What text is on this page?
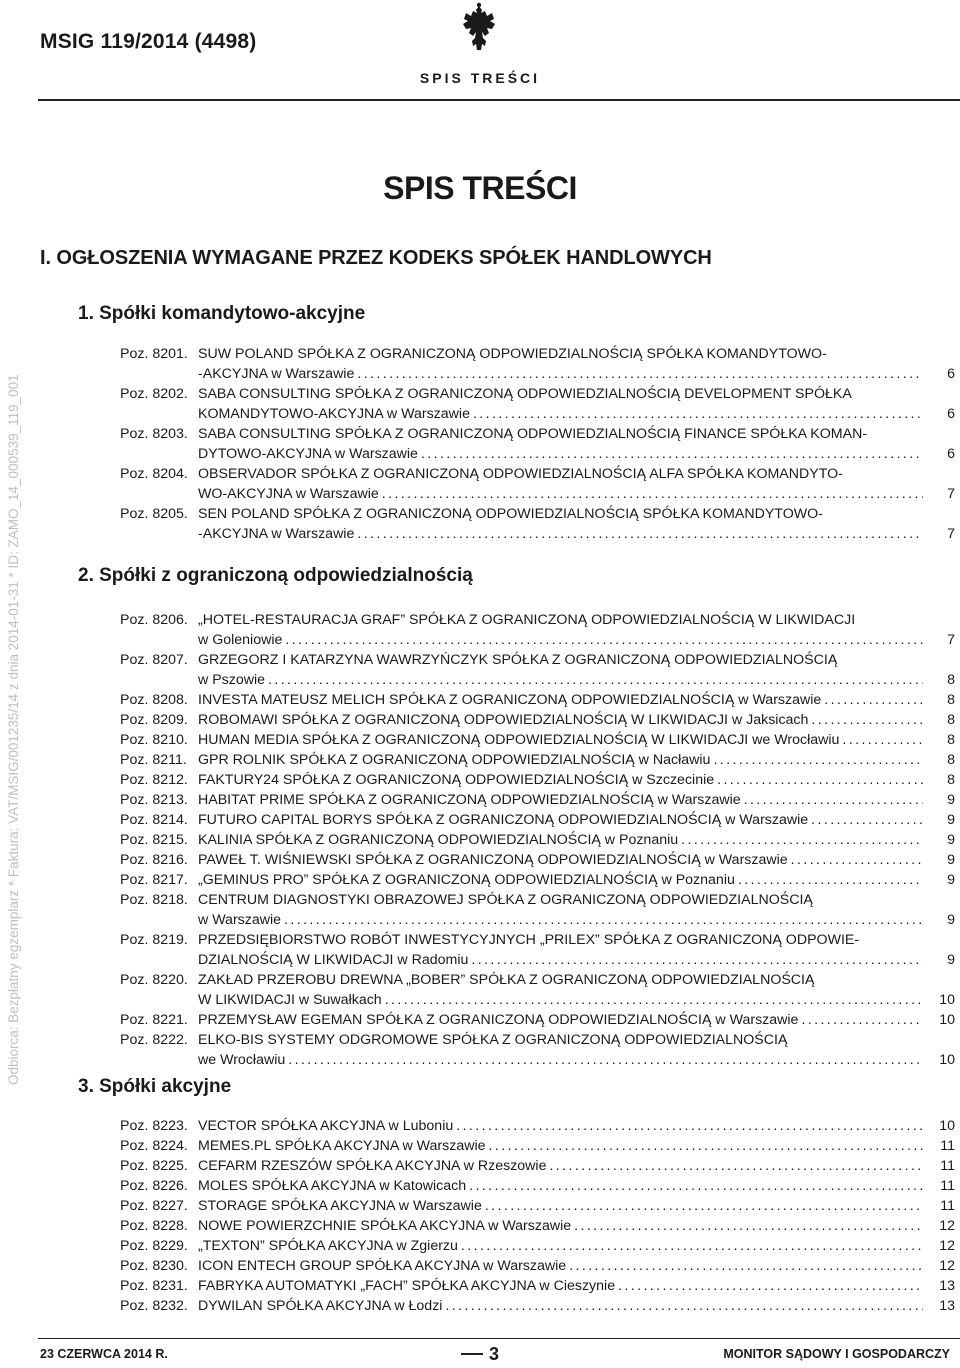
MSIG 119/2014 (4498)
SPIS TREŚCI
Odbiorca: Bezpłatny egzemplarz * Faktura: VAT/MSIG/001235/14 z dnia 2014-01-31 * ID: ZAMO_14_000539_119_001
SPIS TREŚCI
I. OGŁOSZENIA WYMAGANE PRZEZ KODEKS SPÓŁEK HANDLOWYCH
1. Spółki komandytowo-akcyjne
Poz. 8201. SUW POLAND SPÓŁKA Z OGRANICZONĄ ODPOWIEDZIALNOŚCIĄ SPÓŁKA KOMANDYTOWO-
-AKCYJNA w Warszawie .....	6
Poz. 8202. SABA CONSULTING SPÓŁKA Z OGRANICZONĄ ODPOWIEDZIALNOŚCIĄ DEVELOPMENT SPÓŁKA
KOMANDYTOWO-AKCYJNA w Warszawie .....	6
Poz. 8203. SABA CONSULTING SPÓŁKA Z OGRANICZONĄ ODPOWIEDZIALNOŚCIĄ FINANCE SPÓŁKA KOMAN-
DYTOWO-AKCYJNA w Warszawie .....	6
Poz. 8204. OBSERVADOR SPÓŁKA Z OGRANICZONĄ ODPOWIEDZIALNOŚCIĄ ALFA SPÓŁKA KOMANDYTO-
WO-AKCYJNA w Warszawie .....	7
Poz. 8205. SEN POLAND SPÓŁKA Z OGRANICZONĄ ODPOWIEDZIALNOŚCIĄ SPÓŁKA KOMANDYTOWO-
-AKCYJNA w Warszawie .....	7
2. Spółki z ograniczoną odpowiedzialnością
Poz. 8206. „HOTEL-RESTAURACJA GRAF” SPÓŁKA Z OGRANICZONĄ ODPOWIEDZIALNOŚCIĄ W LIKWIDACJI
w Goleniowie .....	7
Poz. 8207. GRZEGORZ I KATARZYNA WAWRZYŃCZYK SPÓŁKA Z OGRANICZONĄ ODPOWIEDZIALNOŚCIĄ
w Pszowie .....	8
Poz. 8208. INVESTA MATEUSZ MELICH SPÓŁKA Z OGRANICZONĄ ODPOWIEDZIALNOŚCIĄ w Warszawie .....	8
Poz. 8209. ROBOMAWI SPÓŁKA Z OGRANICZONĄ ODPOWIEDZIALNOŚCIĄ W LIKWIDACJI w Jaksicach .....	8
Poz. 8210. HUMAN MEDIA SPÓŁKA Z OGRANICZONĄ ODPOWIEDZIALNOŚCIĄ W LIKWIDACJI we Wrocławiu .....	8
Poz. 8211. GPR ROLNIK SPÓŁKA Z OGRANICZONĄ ODPOWIEDZIALNOŚCIĄ w Nacławiu .....	8
Poz. 8212. FAKTURY24 SPÓŁKA Z OGRANICZONĄ ODPOWIEDZIALNOŚCIĄ w Szczecinie .....	8
Poz. 8213. HABITAT PRIME SPÓŁKA Z OGRANICZONĄ ODPOWIEDZIALNOŚCIĄ w Warszawie .....	9
Poz. 8214. FUTURO CAPITAL BORYS SPÓŁKA Z OGRANICZONĄ ODPOWIEDZIALNOŚCIĄ w Warszawie .....	9
Poz. 8215. KALINIA SPÓŁKA Z OGRANICZONĄ ODPOWIEDZIALNOŚCIĄ w Poznaniu .....	9
Poz. 8216. PAWEŁ T. WIŚNIEWSKI SPÓŁKA Z OGRANICZONĄ ODPOWIEDZIALNOŚCIĄ w Warszawie .....	9
Poz. 8217. „GEMINUS PRO” SPÓŁKA Z OGRANICZONĄ ODPOWIEDZIALNOŚCIĄ w Poznaniu .....	9
Poz. 8218. CENTRUM DIAGNOSTYKI OBRAZOWEJ SPÓŁKA Z OGRANICZONĄ ODPOWIEDZIALNOŚCIĄ
w Warszawie .....	9
Poz. 8219. PRZEDSIĘBIORSTWO ROBÓT INWESTYCYJNYCH „PRILEX” SPÓŁKA Z OGRANICZONĄ ODPOWIE-
DZIALNOŚCIĄ W LIKWIDACJI w Radomiu .....	9
Poz. 8220. ZAKŁAD PRZEROBU DREWNA „BOBER” SPÓŁKA Z OGRANICZONĄ ODPOWIEDZIALNOŚCIĄ
W LIKWIDACJI w Suwałkach .....	10
Poz. 8221. PRZEMYSŁAW EGEMAN SPÓŁKA Z OGRANICZONĄ ODPOWIEDZIALNOŚCIĄ w Warszawie .....	10
Poz. 8222. ELKO-BIS SYSTEMY ODGROMOWE SPÓŁKA Z OGRANICZONĄ ODPOWIEDZIALNOŚCIĄ
we Wrocławiu .....	10
3. Spółki akcyjne
Poz. 8223. VECTOR SPÓŁKA AKCYJNA w Luboniu .....	10
Poz. 8224. MEMES.PL SPÓŁKA AKCYJNA w Warszawie .....	11
Poz. 8225. CEFARM RZESZÓW SPÓŁKA AKCYJNA w Rzeszowie .....	11
Poz. 8226. MOLES SPÓŁKA AKCYJNA w Katowicach .....	11
Poz. 8227. STORAGE SPÓŁKA AKCYJNA w Warszawie .....	11
Poz. 8228. NOWE POWIERZCHNIE SPÓŁKA AKCYJNA w Warszawie .....	12
Poz. 8229. „TEXTON” SPÓŁKA AKCYJNA w Zgierzu .....	12
Poz. 8230. ICON ENTECH GROUP SPÓŁKA AKCYJNA w Warszawie .....	12
Poz. 8231. FABRYKA AUTOMATYKI „FACH” SPÓŁKA AKCYJNA w Cieszynie .....	13
Poz. 8232. DYWILAN SPÓŁKA AKCYJNA w Łodzi .....	13
23 CZERWCA 2014 R.	3	MONITOR SĄDOWY I GOSPODARCZY
